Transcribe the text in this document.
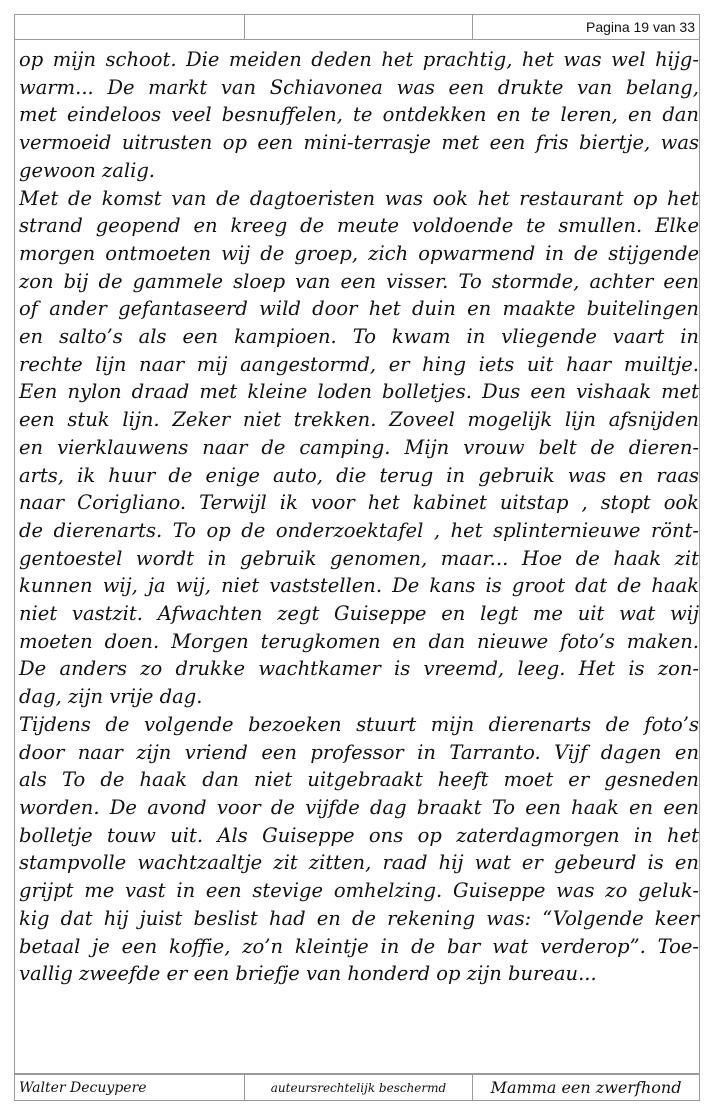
Pagina 19 van 33
op mijn schoot. Die meiden deden het prachtig, het was wel hijg-
warm... De markt van Schiavonea was een drukte van belang,
met eindeloos veel besnuffelen, te ontdekken en te leren, en dan
vermoeid uitrusten op een mini-terrasje met een fris biertje, was
gewoon zalig.
Met de komst van de dagtoeristen was ook het restaurant op het
strand geopend en kreeg de meute voldoende te smullen. Elke
morgen ontmoeten wij de groep, zich opwarmend in de stijgende
zon bij de gammele sloep van een visser. To stormde, achter een
of ander gefantaseerd wild door het duin en maakte buitelingen
en salto’s als een kampioen. To kwam in vliegende vaart in
rechte lijn naar mij aangestormd, er hing iets uit haar muiltje.
Een nylon draad met kleine loden bolletjes. Dus een vishaak met
een stuk lijn. Zeker niet trekken. Zoveel mogelijk lijn afsnijden
en vierklauwens naar de camping. Mijn vrouw belt de dieren-
arts, ik huur de enige auto, die terug in gebruik was en raas
naar Corigliano. Terwijl ik voor het kabinet uitstap , stopt ook
de dierenarts. To op de onderzoektafel , het splinternieuwe rönt-
gentoestel wordt in gebruik genomen, maar... Hoe de haak zit
kunnen wij, ja wij, niet vaststellen. De kans is groot dat de haak
niet vastzit. Afwachten zegt Guiseppe en legt me uit wat wij
moeten doen. Morgen terugkomen en dan nieuwe foto’s maken.
De anders zo drukke wachtkamer is vreemd, leeg. Het is zon-
dag, zijn vrije dag.
Tijdens de volgende bezoeken stuurt mijn dierenarts de foto’s
door naar zijn vriend een professor in Tarranto. Vijf dagen en
als To de haak dan niet uitgebraakt heeft moet er gesneden
worden. De avond voor de vijfde dag braakt To een haak en een
bolletje touw uit. Als Guiseppe ons op zaterdagmorgen in het
stampvolle wachtzaaltje zit zitten, raad hij wat er gebeurd is en
grijpt me vast in een stevige omhelzing. Guiseppe was zo geluk-
kig dat hij juist beslist had en de rekening was: “Volgende keer
betaal je een koffie, zo’n kleintje in de bar wat verderop”. Toe-
vallig zweefde er een briefje van honderd op zijn bureau...
Walter Decuypere	auteursrechtelijk beschermd	Mamma een zwerfhond
